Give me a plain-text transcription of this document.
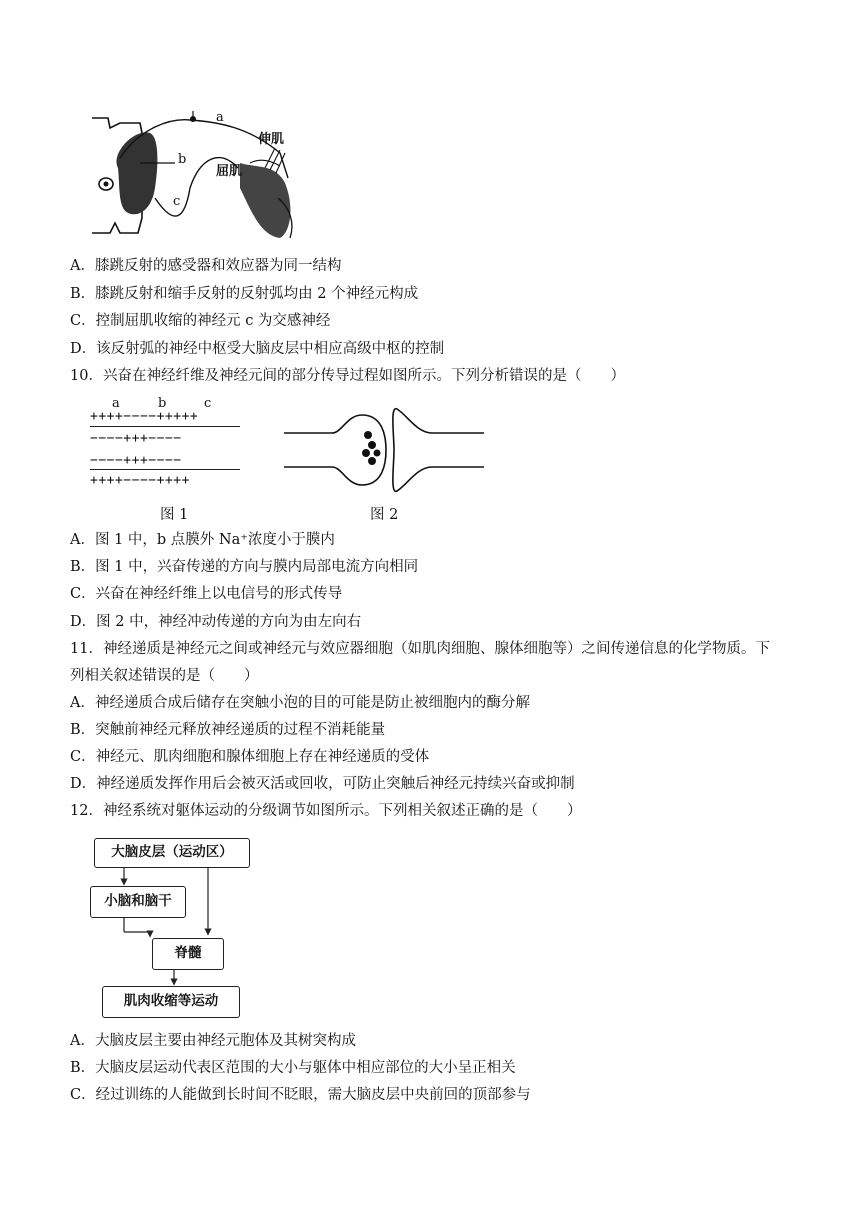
a
b
c
伸肌
屈肌
A．膝跳反射的感受器和效应器为同一结构
B．膝跳反射和缩手反射的反射弧均由 2 个神经元构成
C．控制屈肌收缩的神经元 c 为交感神经
D．该反射弧的神经中枢受大脑皮层中相应高级中枢的控制
10．兴奋在神经纤维及神经元间的部分传导过程如图所示。下列分析错误的是（　　）
a	b	c
++++−−−−+++++
−−−−+++−−−−
−−−−+++−−−−
++++−−−−++++
图 1	图 2
A．图 1 中，b 点膜外 Na⁺浓度小于膜内
B．图 1 中，兴奋传递的方向与膜内局部电流方向相同
C．兴奋在神经纤维上以电信号的形式传导
D．图 2 中，神经冲动传递的方向为由左向右
11．神经递质是神经元之间或神经元与效应器细胞（如肌肉细胞、腺体细胞等）之间传递信息的化学物质。下
列相关叙述错误的是（　　）
A．神经递质合成后储存在突触小泡的目的可能是防止被细胞内的酶分解
B．突触前神经元释放神经递质的过程不消耗能量
C．神经元、肌肉细胞和腺体细胞上存在神经递质的受体
D．神经递质发挥作用后会被灭活或回收，可防止突触后神经元持续兴奋或抑制
12．神经系统对躯体运动的分级调节如图所示。下列相关叙述正确的是（　　）
大脑皮层（运动区）
小脑和脑干
脊髓
肌肉收缩等运动
A．大脑皮层主要由神经元胞体及其树突构成
B．大脑皮层运动代表区范围的大小与躯体中相应部位的大小呈正相关
C．经过训练的人能做到长时间不眨眼，需大脑皮层中央前回的顶部参与
